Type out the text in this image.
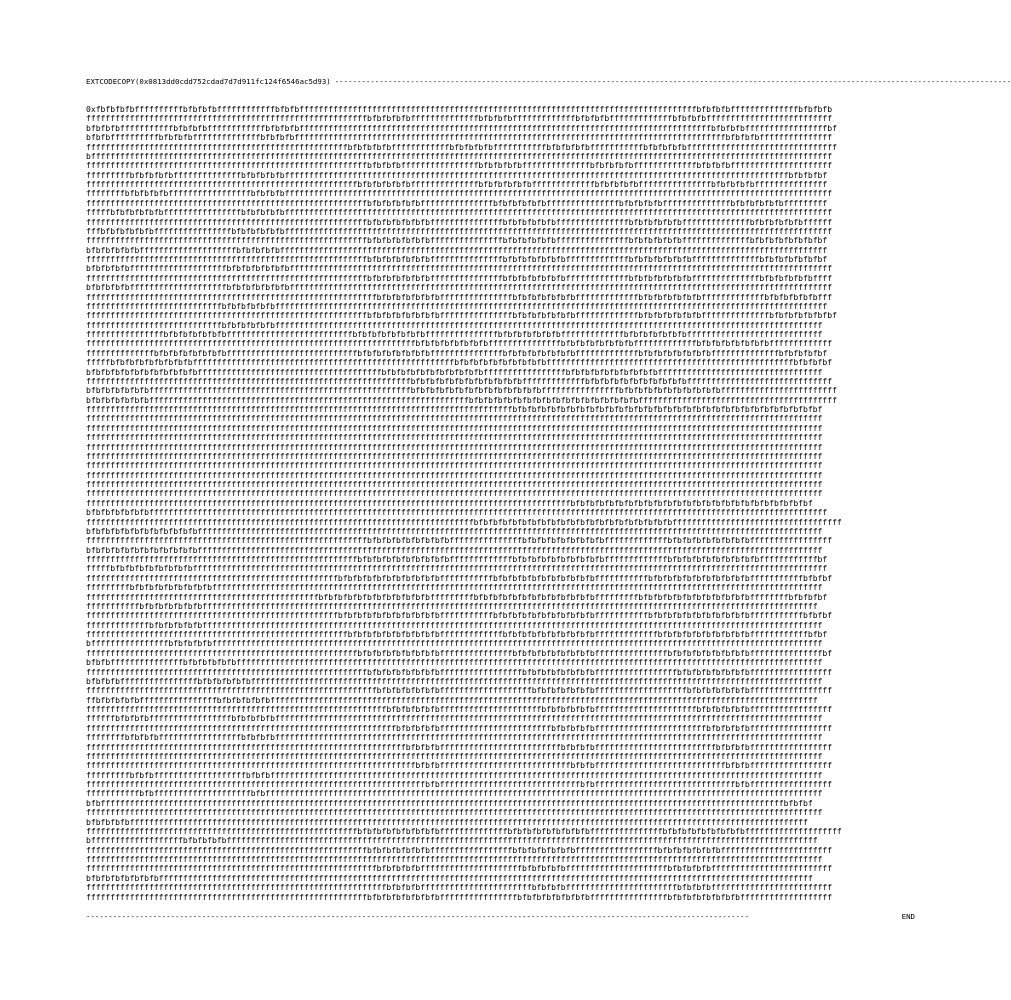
EXTCODECOPY(0x0813dd0cdd752cdad7d7d911fc124f6546ac5d93) --------------------------------------------------------------------------------------------------------------------------------------------------------
0xfbfbfbfbffffffffffbfbfbfbffffffffffffbfbfbffffffffffffffffffffffffffffffffffffffffffffffffffffffffffffffffffffffffffffffffffbfbfbfbffffffffffffffbfbfbfb
ffffffffffffffffffffffffffffffffffffffffffffffffffffffffffbfbfbfbfbffffffffffffffbfbfbfbfffffffffffffbfbfbfbfffffffffffffbfbfbfbffffffffffffffffffffffffff
bfbfbfbfffffffffffbfbfbfbffffffffffffbfbfbfbfffffffffffffffffffffffffffffffffffffffffffffffffffffffffffffffffffffffffffffffffffffbfbfbfbfffffffffffffffffbf
bfbfbffffffffffbfbfbfbffffffffffffffbfbfbfbfffffffffffffffffffffffffffffffffffffffffffffffffffffffffffffffffffffffffffffffffffffffffbfbfbfbfffffffffffffff
ffffffffffffffffffffffffffffffffffffffffffffffffffffffbfbfbfbfbffffffffffffbfbfbfbfbfffffffffffbfbfbfbfbfffffffffffbfbfbfbfbfffffffffffffffffffffffffffffff
bfffffffffffffffffffffffffffffffffffffffffffffffffffffffffffffffffffffffffffffffffffffffffffffffffffffffffffffffffffffffffffffffffffffffffffffffffffffffff
ffffffffffffffffffffffffffffffffffffffffffffffffffffffffffbfbfbfbffffffffffffffffbfbfbfbfbffffffffffffffbfbfbfbfbfffffffffffffbfbfbfbfffffffffffffffffffff
fffffffffbfbfbfbfbffffffffffffffbfbfbfbfbffffffffffffffffffffffffffffffffffffffffffffffffffffffffffffffffffffffffffffffffffffffffffffffffffffffffbfbfbfbf
ffffffffffffffffffffffffffffffffffffffffffffffffffffffffbfbfbfbfbfbffffffffffffffbfbfbfbfbfbfffffffffffffbfbfbfbfbfffffffffffffffbfbfbfbfbfffffffffffffff
ffffffffbfbfbfbfbfffffffffffffffffbfbfbfbfffffffffffffffffffffffffffffffffffffffffffffffffffffffffffffffffffffffffffffffffffffffffffffffffffffffffffffffff
ffffffffffffffffffffffffffffffffffffffffffffffffffffffffffbfbfbfbfbfbfffffffffffffffbfbfbfbfbfbfffffffffffffffbfbfbfbfbffffffffffffffbfbfbfbfbfbfffffffff
fffffbfbfbfbfbfbffffffffffffffffbfbfbfbfbfffffffffffffffffffffffffffffffffffffffffffffffffffffffffffffffffffffffffffffffffffffffffffffffffffffffffffffffff
ffffffffffffffffffffffffffffffffffffffffffffffffffffffffffbfbfbfbfbfbfbfffffffffffffffbfbfbfbfbfbfffffffffffffffbfbfbfbfbfbffffffffffffffbfbfbfbfbfbffffff
fffbfbfbfbfbfbffffffffffffffffbfbfbfbfbfbfffffffffffffffffffffffffffffffffffffffffffffffffffffffffffffffffffffffffffffffffffffffffffffffffffffffffffffffff
ffffffffffffffffffffffffffffffffffffffffffffffffffffffffffbfbfbfbfbfbfbfffffffffffffffbfbfbfbfbfbfffffffffffffffbfbfbfbfbfbffffffffffffffbfbfbfbfbfbfbfbf
bfbfbfbfbfbffffffffffffffffffffbfbfbfbfbfffffffffffffffffffffffffffffffffffffffffffffffffffffffffffffffffffffffffffffffffffffffffffffffffffffffffffffffff
ffffffffffffffffffffffffffffffffffffffffffffffffffffffffffbfbfbfbfbfbfbfffffffffffffffbfbfbfbfbfbfbfffffffffffffbfbfbfbfbfbfbffffffffffffffbfbfbfbfbfbfbf
bfbfbfbfbffffffffffffffffffffbfbfbfbfbfbfbffffffffffffffffffffffffffffffffffffffffffffffffffffffffffffffffffffffffffffffffffffffffffffffffffffffffffffffff
ffffffffffffffffffffffffffffffffffffffffffffffffffffffffffbfbfbfbfbfbfbfffffffffffffffbfbfbfbfbfbfbfffffffffffffbfbfbfbfbfbfbffffffffffffffbfbfbfbfbfbffff
bfbfbfbfbffffffffffffffffffffbfbfbfbfbfbfbffffffffffffffffffffffffffffffffffffffffffffffffffffffffffffffffffffffffffffffffffffffffffffffffffffffffffffffff
ffffffffffffffffffffffffffffffffffffffffffffffffffffffffffffbfbfbfbfbfbfbfffffffffffffffbfbfbfbfbfbfbfffffffffffffbfbfbfbfbfbfbfffffffffffffbfbfbfbfbfbfff
ffffffffffffffffffffffffffffbfbfbfbfbfbffffffffffffffffffffffffffffffffffffffffffffffffffffffffffffffffffffffffffffffffffffffffffffffffffffffffffffffffff
ffffffffffffffffffffffffffffffffffffffffffffffffffffffffffbfbfbfbfbfbfbfbfffffffffffffffbfbfbfbfbfbfbfffffffffffffbfbfbfbfbfbfbffffffffffffffbfbfbfbfbfbfbf
ffffffffffffffffffffffffffffbfbfbfbfbfbfffffffffffffffffffffffffffffffffffffffffffffffffffffffffffffffffffffffffffffffffffffffffffffffffffffffffffffffff
ffffffffffffffffbfbfbfbfbfbfbffffffffffffffffffffffffffbfbfbfbfbfbfbfbfffffffffffffffbfbfbfbfbfbfbfffffffffffffbfbfbfbfbfbfbffffffffffffffffffffffffffff
ffffffffffffffffffffffffffffffffffffffffffffffffffffffffffffffffffffbfbfbfbfbfbfbfbfffffffffffffffbfbfbfbfbfbfbfbfffffffffffffbfbfbfbfbfbfbfbfffffffffffff
ffffffffffffffbfbfbfbfbfbfbfbfffffffffffffffffffffffffffbfbfbfbfbfbfbfbfffffffffffffffbfbfbfbfbfbfbfbfffffffffffffbfbfbfbfbfbfbfbffffffffffffffbfbfbfbfbf
fffffbfbfbfbfbfbfbfbfbffffffffffffffffffffffffffffffffffffffffffffffffffffffbfbfbfbfbfbfbfbfbfbfffffffffffffffffffffffffffffffffffffffffffffffffffbfbfbfbf
bfbfbfbfbfbfbfbfbfbfbfbffffffffffffffffffffffffffffffffffffffbfbfbfbfbfbfbfbfbfbfbfffffffffffffffffbfbfbfbfbfbfbfbfbfbffffffffffffffffffffffffffffffffff
fffffffffffffffffffffffffffffffffffffffffffffffffffffffffffffffffffbfbfbfbfbfbfbfbfbfbfbfbfffffffffffffbfbfbfbfbfbfbfbfbfbfbffffffffffffffffffffffffffffff
bfbfbfbfbfbfbffffffffffffffffffffffffffffffffffffffffffffffffffffffbfbfbfbfbfbfbfbfbfbfbfbfbfbffffffffffffffffbfbfbfbfbfbfbfbfbfbfbffffffffffffffffffffffff
bfbfbfbfbfbfbffffffffffffffffffffffffffffffffffffffffffffffffffffffffffffffffffbfbfbfbfbfbfbfbfbfbfbfbfbfbfbfbfbfbfffffffffffffffffffffffffffffffffffffffff
ffffffffffffffffffffffffffffffffffffffffffffffffffffffffffffffffffffffffffffffffffffffffbfbfbfbfbfbfbfbfbfbfbfbfbfbfbfbfbfbfbfbfbfbfbfbfbfbfbfbfbfbfbfbf
ffffffffffffffffffffffffffffffffffffffffffffffffffffffffffffffffffffffffffffffffffffffffffffffffffffffffffffffffffffffffffffffffffffffffffffffffffffffff
ffffffffffffffffffffffffffffffffffffffffffffffffffffffffffffffffffffffffffffffffffffffffffffffffffffffffffffffffffffffffffffffffffffffffffffffffffffffff
ffffffffffffffffffffffffffffffffffffffffffffffffffffffffffffffffffffffffffffffffffffffffffffffffffffffffffffffffffffffffffffffffffffffffffffffffffffffff
ffffffffffffffffffffffffffffffffffffffffffffffffffffffffffffffffffffffffffffffffffffffffffffffffffffffffffffffffffffffffffffffffffffffffffffffffffffffff
ffffffffffffffffffffffffffffffffffffffffffffffffffffffffffffffffffffffffffffffffffffffffffffffffffffffffffffffffffffffffffffffffffffffffffffffffffffffff
ffffffffffffffffffffffffffffffffffffffffffffffffffffffffffffffffffffffffffffffffffffffffffffffffffffffffffffffffffffffffffffffffffffffffffffffffffffffff
ffffffffffffffffffffffffffffffffffffffffffffffffffffffffffffffffffffffffffffffffffffffffffffffffffffffffffffffffffffffffffffffffffffffffffffffffffffffff
ffffffffffffffffffffffffffffffffffffffffffffffffffffffffffffffffffffffffffffffffffffffffffffffffffffffffffffffffffffffffffffffffffffffffffffffffffffffff
ffffffffffffffffffffffffffffffffffffffffffffffffffffffffffffffffffffffffffffffffffffffffffffffffffffffffffffffffffffffffffffffffffffffffffffffffffffffff
ffffffffffffffffffffffffffffffffffffffffffffffffffffffffffffffffffffffffffffffffffffffffffffffffffffbfbfbfbfbfbfbfbfbfbfbfbfbfbfbfbfbfbfbfbfbfbfbfbfbf
bfbfbfbfbfbfbffffffffffffffffffffffffffffffffffffffffffffffffffffffffffffffffffffffffffffffffffffffffffffffffffffffffffffffffffffffffffffffffffffffffffff
ffffffffffffffffffffffffffffffffffffffffffffffffffffffffffffffffffffffffffffffffbfbfbfbfbfbfbfbfbfbfbfbfbfbfbfbfbfbfbfbfbfffffffffffffffffffffffffffffffffff
bfbfbfbfbfbfbfbfbfbfbfbfffffffffffffffffffffffffffffffffffffffffffffffffffffffffffffffffffffffffffffffffffffffffffffffffffffffffffffffffffffffffffffffff
ffffffffffffffffffffffffffffffffffffffffffffffffffffffffffbfbfbfbfbfbfbfbfbfffffffffffffffbfbfbfbfbfbfbfbfbfffffffffffffbfbfbfbfbfbfbfbfbfffffffffffffffff
bfbfbfbfbfbfbfbfbfbfbfbfffffffffffffffffffffffffffffffffffffffffffffffffffffffffffffffffffffffffffffffffffffffffffffffffffffffffffffffffffffffffffffffff
ffffffffffffffffffffffffffffffffffffffffffffffffffffffffbfbfbfbfbfbfbfbfbfbfffffffffffffbfbfbfbfbfbfbfbfbfbfffffffffffffbfbfbfbfbfbfbfbfbfbffffffffffffbf
fffffbfbfbfbfbfbfbfbfbfffffffffffffffffffffffffffffffffffffffffffffffffffffffffffffffffffffffffffffffffffffffffffffffffffffffffffffffffffffffffffffffffff
ffffffffffffffffffffffffffffffffffffffffffffffffffffbfbfbfbfbfbfbfbfbfbfbfffffffffffbfbfbfbfbfbfbfbfbfbfbfffffffffffbfbfbfbfbfbfbfbfbfbfbfffffffffffbfbfbf
fffffffffbfbfbfbfbfbfbfbfbffffffffffffffffffffffffffffffffffffffffffffffffffffffffffffffffffffffffffffffffffffffffffffffffffffffffffffffffffffffffffffff
ffffffffffffffffffffffffffffffffffffffffffffffffbfbfbfbfbfbfbfbfbfbfbfbfffffffffbfbfbfbfbfbfbfbfbfbfbfbfbfffffffffbfbfbfbfbfbfbfbfbfbfbfbffffffffbfbfbfbf
fffffffffffbfbfbfbfbfbfbfffffffffffffffffffffffffffffffffffffffffffffffffffffffffffffffffffffffffffffffffffffffffffffffffffffffffffffffffffffffffffffff
ffffffffffffffffffffffffffffffffffffffffffffffffffffbfbfbfbfbfbfbfbfbfbfbfffffffffffbfbfbfbfbfbfbfbfbfbfbfffffffffffbfbfbfbfbfbfbfbfbfbfbfffffffffffbfbfbf
fffffffffffffbfbfbfbfbfbffffffffffffffffffffffffffffffffffffffffffffffffffffffffffffffffffffffffffffffffffffffffffffffffffffffffffffffffffffffffffffffff
ffffffffffffffffffffffffffffffffffffffffffffffffffffffbfbfbfbfbfbfbfbfbfbfffffffffffffbfbfbfbfbfbfbfbfbfbfffffffffffffbfbfbfbfbfbfbfbfbfbffffffffffffbfbf
bffffffffffffffffbfbfbfbfbffffffffffffffffffffffffffffffffffffffffffffffffffffffffffffffffffffffffffffffffffffffffffffffffffffffffffffffffffffffffffffff
ffffffffffffffffffffffffffffffffffffffffffffffffffffffffbfbfbfbfbfbfbfbfbfffffffffffffffbfbfbfbfbfbfbfbfbfffffffffffffffbfbfbfbfbfbfbfbfbfffffffffffffffbf
bfbfbfffffffffffffffbfbfbfbfbfbfffffffffffffffffffffffffffffffffffffffffffffffffffffffffffffffffffffffffffffffffffffffffffffffffffffffffffffffffffffffff
ffffffffffffffffffffffffffffffffffffffffffffffffffffffffffbfbfbfbfbfbfbfbfffffffffffffffffbfbfbfbfbfbfbfbfffffffffffffffffbfbfbfbfbfbfbfbfffffffffffffffff
bfbfbfbffffffffffffffffbfbfbfbfbfbffffffffffffffffffffffffffffffffffffffffffffffffffffffffffffffffffffffffffffffffffffffffffffffffffffffffffffffffffffff
ffffffffffffffffffffffffffffffffffffffffffffffffffffffffffffbfbfbfbfbfbfbfffffffffffffffffffbfbfbfbfbfbfbfffffffffffffffffffbfbfbfbfbfbfbfffffffffffffffff
ffbfbfbfbfbffffffffffffffffbfbfbfbfbfbfffffffffffffffffffffffffffffffffffffffffffffffffffffffffffffffffffffffffffffffffffffffffffffffffffffffffffffffff
ffffffffffffffffffffffffffffffffffffffffffffffffffffffffffffffbfbfbfbfbfbfffffffffffffffffffffbfbfbfbfbfbfffffffffffffffffffffbfbfbfbfbfbfffffffffffffffff
ffffffbfbfbfbfffffffffffffffffbfbfbfbfbfffffffffffffffffffffffffffffffffffffffffffffffffffffffffffffffffffffffffffffffffffffffffffffffffffffffffffffffff
ffffffffffffffffffffffffffffffffffffffffffffffffffffffffffffffffbfbfbfbfbfffffffffffffffffffffffbfbfbfbfbfffffffffffffffffffffffbfbfbfbfbfffffffffffffffff
ffffffffbfbfbfbfffffffffffffffffbfbfbfbfffffffffffffffffffffffffffffffffffffffffffffffffffffffffffffffffffffffffffffffffffffffffffffffffffffffffffffffff
ffffffffffffffffffffffffffffffffffffffffffffffffffffffffffffffffffbfbfbfbfffffffffffffffffffffffffbfbfbfbfffffffffffffffffffffffffbfbfbfbfffffffffffffffff
ffffffffffffffffffffffffffffffffffffffffffffffffffffffffffffffffffffffffffffffffffffffffffffffffffffffffffffffffffffffffffffffffffffffffffffffffffffffff
ffffffffffffffffffffffffffffffffffffffffffffffffffffffffffffffffffffbfbfbfffffffffffffffffffffffffffbfbfbfffffffffffffffffffffffffffbfbfbfffffffffffffffff
fffffffffbfbfbfffffffffffffffffffbfbfbffffffffffffffffffffffffffffffffffffffffffffffffffffffffffffffffffffffffffffffffffffffffffffffffffffffffffffffffff
ffffffffffffffffffffffffffffffffffffffffffffffffffffffffffffffffffffffbfbfffffffffffffffffffffffffffffbfbfffffffffffffffffffffffffffffbfbfffffffffffffffff
fffffffffffbfbffffffffffffffffffffbfbfffffffffffffffffffffffffffffffffffffffffffffffffffffffffffffffffffffffffffffffffffffffffffffffffffffffffffffffffff
bfbfffffffffffffffffffffffffffffffffffffffffffffffffffffffffffffffffffffffffffffffffffffffffffffffffffffffffffffffffffffffffffffffffffffffffffffbfbfbf
ffffffffffffffffffffffffffffffffffffffffffffffffffffffffffffffffffffffffffffffffffffffffffffffffffffffffffffffffffffffffffffffffffffffffffffffffffffffff
bfbfbfbfbffffffffffffffffffffffffffffffffffffffffffffffffffffffffffffffffffffffffffffffffffffffffffffffffffffffffffffffffffffffffffffffffffffffffffff
ffffffffffffffffffffffffffffffffffffffffffffffffffffffffbfbfbfbfbfbfbfbfbffffffffffffffbfbfbfbfbfbfbfbfbfffffffffffffffbfbfbfbfbfbfbfbfbffffffffffffffffffff
bfffffffffffffffffffbfbfbfbfbffffffffffffffffffffffffffffffffffffffffffffffffffffffffffffffffffffffffffffffffffffffffffffffffffffffffffffffffffffffffff
ffffffffffffffffffffffffffffffffffffffffffffffffffffffffffbfbfbfbfbfbfbfffffffffffffffffbfbfbfbfbfbfbfffffffffffffffffbfbfbfbfbfbfbfffffffffffffffffffffff
ffffffffffffffffffffffffffffffffffffffffffffffffffffffffffffffffffffffffffffffffffffffffffffffffffffffffffffffffffffffffffffffffffffffffffffffffffffffff
ffffffffffffffffffffffffffffffffffffffffffffffffffffffffffffbfbfbfbfbfffffffffffffffffffffbfbfbfbfbfffffffffffffffffffffbfbfbfbfbfffffffffffffffffffffffff
bfbfbfbfbfbfbfbfffffffffffffffffffffffffffffffffffffffffffffffffffffffffffffffffffffffffffffffffffffffffffffffffffffffffffffffffffffffffffffffffffffff
ffffffffffffffffffffffffffffffffffffffffffffffffffffffffffffffbfbfbfbfffffffffffffffffffffffbfbfbfbfffffffffffffffffffffffbfbfbfbfffffffffffffffffffffffff
ffffffffffffffffffffffffffffffffffffffffffffffffffffffffffbfbfbfbfbfbfbfbffffffffffffffffbfbfbfbfbfbfbfbffffffffffffffffbfbfbfbfbfbfbfbfffffffffffffffffff
-----------------------------------------------------------------------------------------------------------------------------------------------------	END
